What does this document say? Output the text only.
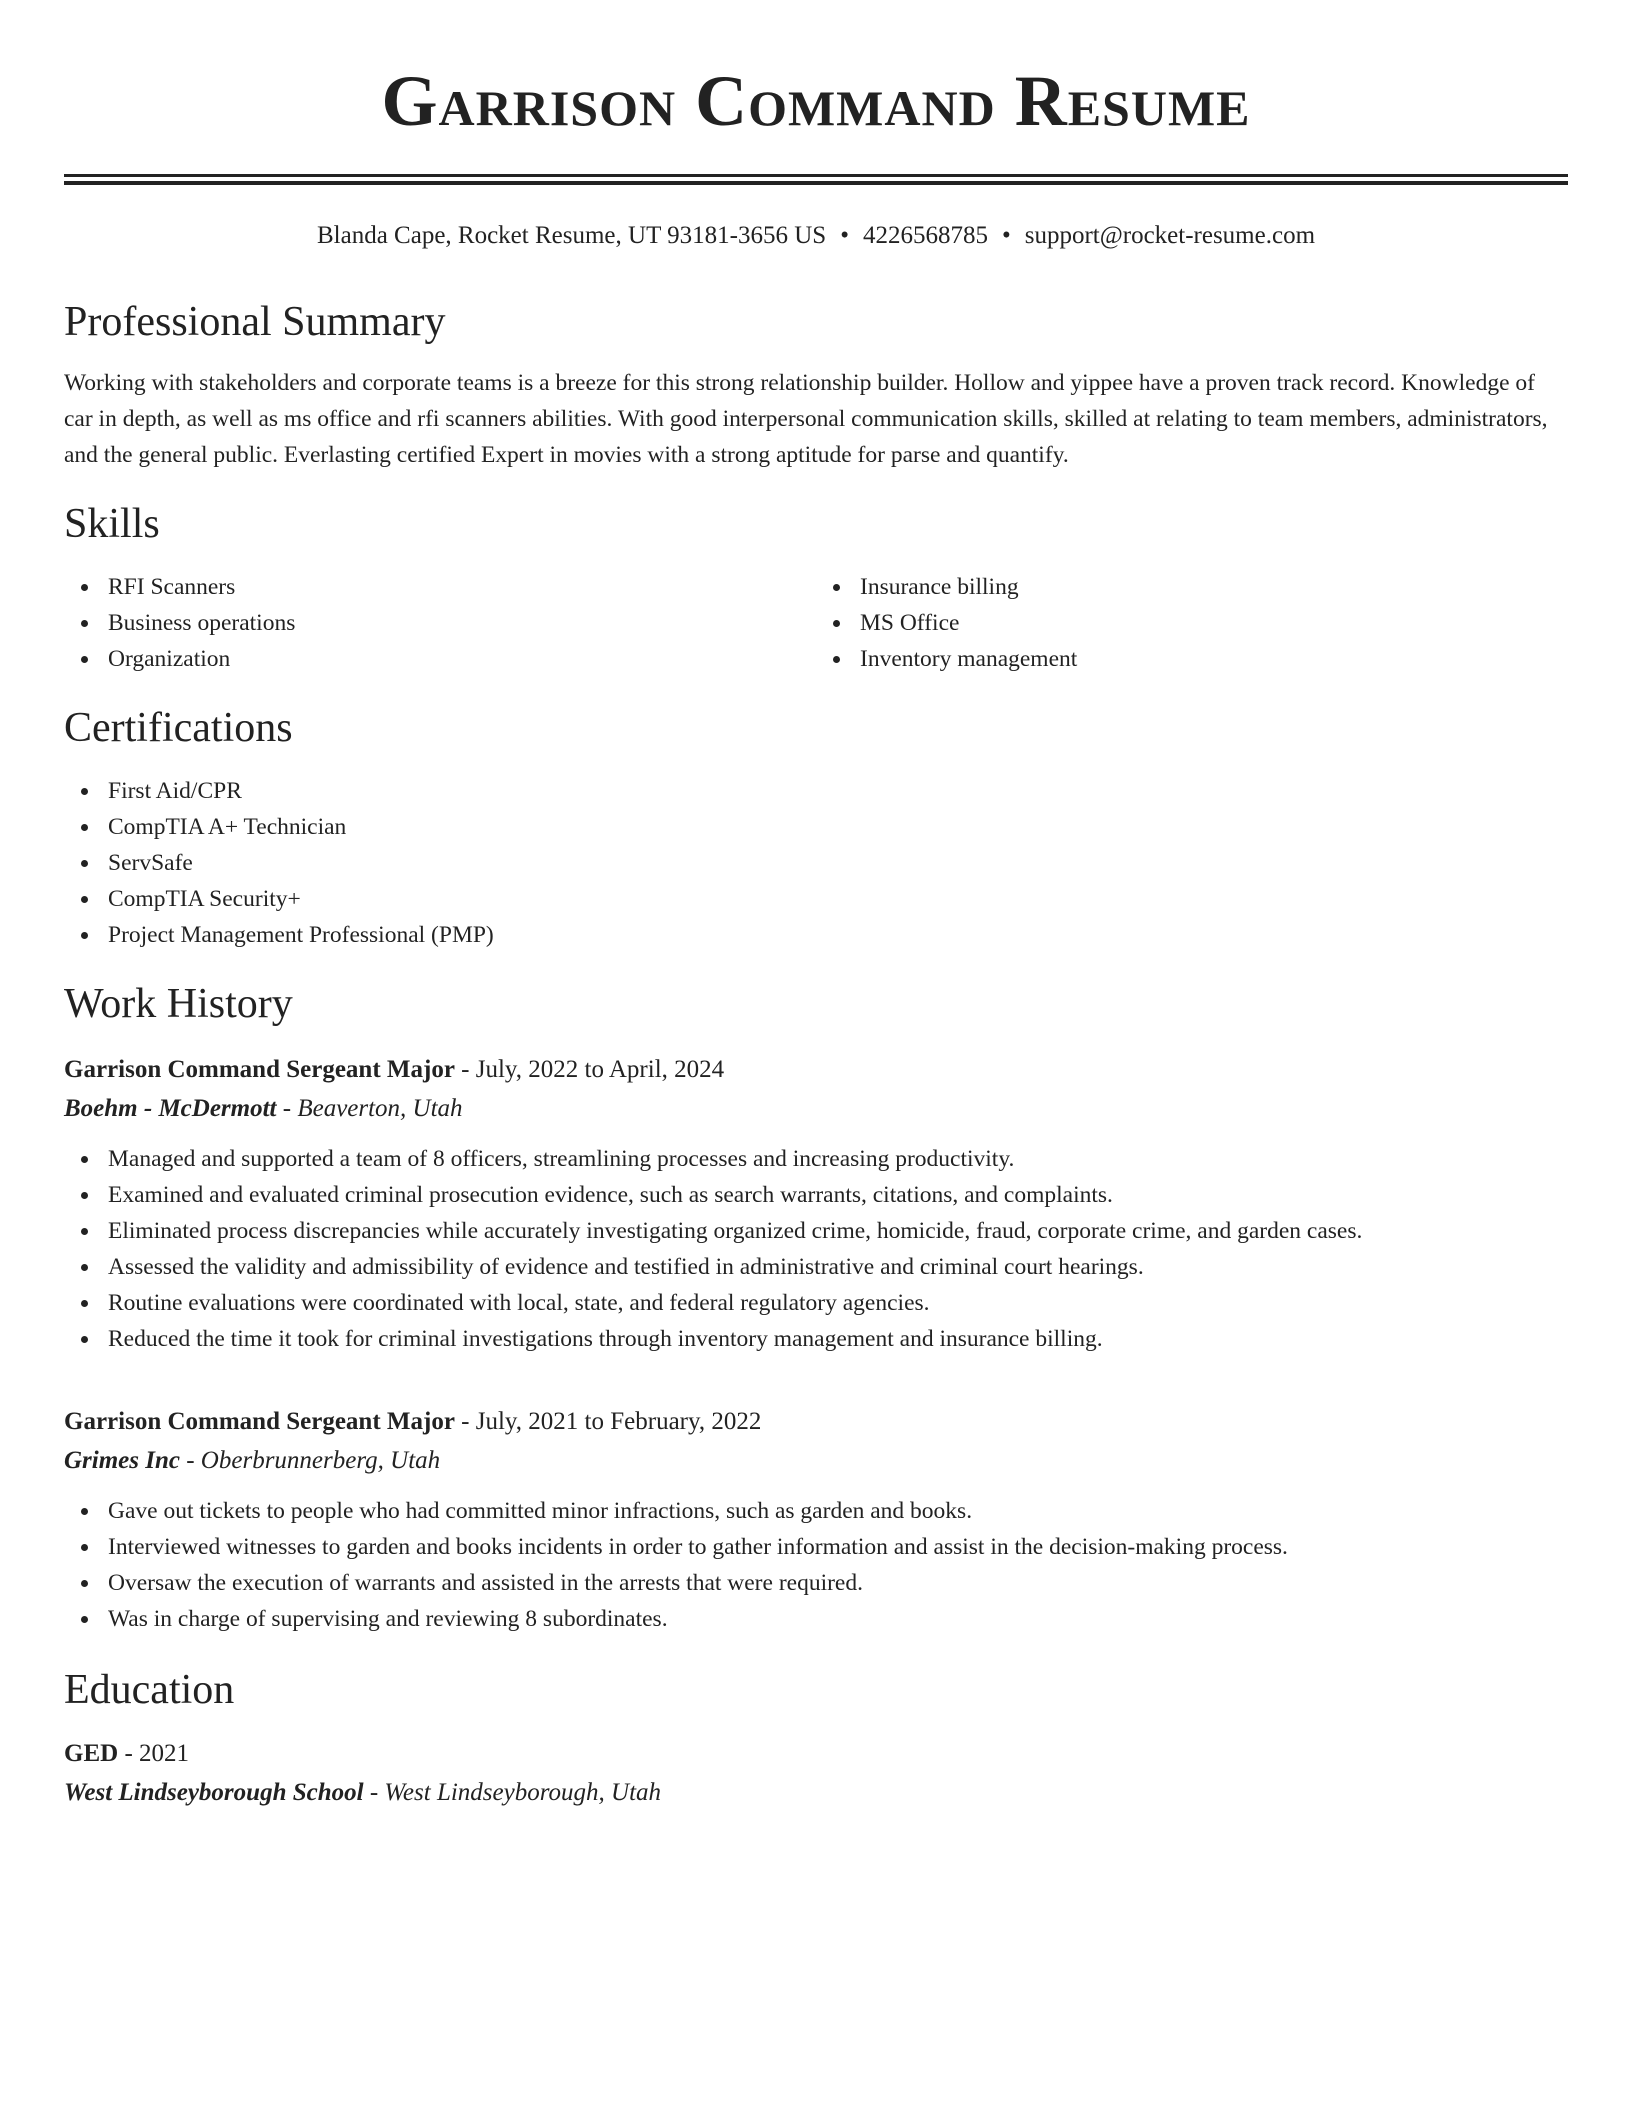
Garrison Command Resume
Blanda Cape, Rocket Resume, UT 93181-3656 US • 4226568785 • support@rocket-resume.com
Professional Summary
Working with stakeholders and corporate teams is a breeze for this strong relationship builder. Hollow and yippee have a proven track record. Knowledge of car in depth, as well as ms office and rfi scanners abilities. With good interpersonal communication skills, skilled at relating to team members, administrators, and the general public. Everlasting certified Expert in movies with a strong aptitude for parse and quantify.
Skills
RFI Scanners
Business operations
Organization
Insurance billing
MS Office
Inventory management
Certifications
First Aid/CPR
CompTIA A+ Technician
ServSafe
CompTIA Security+
Project Management Professional (PMP)
Work History
Garrison Command Sergeant Major - July, 2022 to April, 2024
Boehm - McDermott - Beaverton, Utah
Managed and supported a team of 8 officers, streamlining processes and increasing productivity.
Examined and evaluated criminal prosecution evidence, such as search warrants, citations, and complaints.
Eliminated process discrepancies while accurately investigating organized crime, homicide, fraud, corporate crime, and garden cases.
Assessed the validity and admissibility of evidence and testified in administrative and criminal court hearings.
Routine evaluations were coordinated with local, state, and federal regulatory agencies.
Reduced the time it took for criminal investigations through inventory management and insurance billing.
Garrison Command Sergeant Major - July, 2021 to February, 2022
Grimes Inc - Oberbrunnerberg, Utah
Gave out tickets to people who had committed minor infractions, such as garden and books.
Interviewed witnesses to garden and books incidents in order to gather information and assist in the decision-making process.
Oversaw the execution of warrants and assisted in the arrests that were required.
Was in charge of supervising and reviewing 8 subordinates.
Education
GED - 2021
West Lindseyborough School - West Lindseyborough, Utah
